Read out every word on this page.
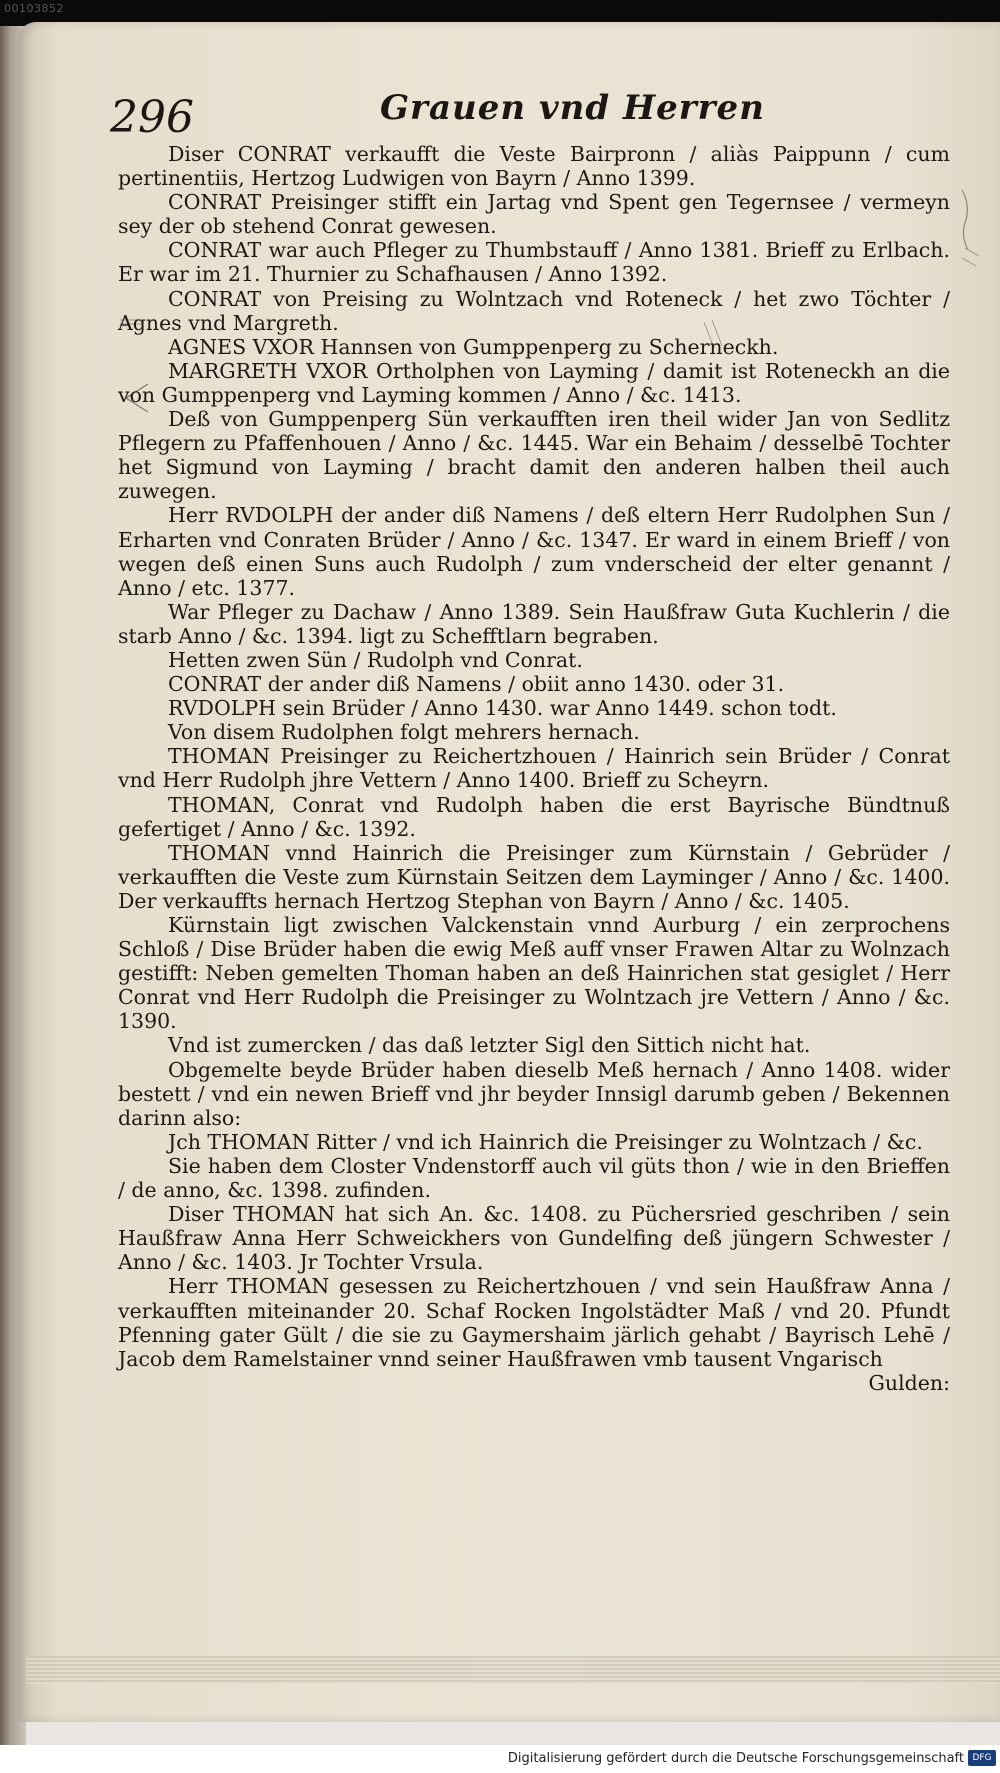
00103852
296	Grauen vnd Herren

Diser CONRAT verkaufft die Veste Bairpronn / aliàs Paippunn / cum pertinentiis, Hertzog Ludwigen von Bayrn / Anno 1399.

CONRAT Preisinger stifft ein Jartag vnd Spent gen Tegernsee / vermeyn sey der ob stehend Conrat gewesen.

CONRAT war auch Pfleger zu Thumbstauff / Anno 1381. Brieff zu Erlbach. Er war im 21. Thurnier zu Schafhausen / Anno 1392.

CONRAT von Preising zu Wolntzach vnd Roteneck / het zwo Töchter / Agnes vnd Margreth.

AGNES VXOR Hannsen von Gumppenperg zu Scherneckh.

MARGRETH VXOR Ortholphen von Layming / damit ist Roteneckh an die von Gumppenperg vnd Layming kommen / Anno / &c. 1413.

Deß von Gumppenperg Sün verkaufften iren theil wider Jan von Sedlitz Pflegern zu Pfaffenhouen / Anno / &c. 1445. War ein Behaim / desselbē Tochter het Sigmund von Layming / bracht damit den anderen halben theil auch zuwegen.

Herr RVDOLPH der ander diß Namens / deß eltern Herr Rudolphen Sun / Erharten vnd Conraten Brüder / Anno / &c. 1347. Er ward in einem Brieff / von wegen deß einen Suns auch Rudolph / zum vnderscheid der elter genannt / Anno / etc. 1377.

War Pfleger zu Dachaw / Anno 1389. Sein Haußfraw Guta Kuchlerin / die starb Anno / &c. 1394. ligt zu Schefftlarn begraben.

Hetten zwen Sün / Rudolph vnd Conrat.

CONRAT der ander diß Namens / obiit anno 1430. oder 31.

RVDOLPH sein Brüder / Anno 1430. war Anno 1449. schon todt.

Von disem Rudolphen folgt mehrers hernach.

THOMAN Preisinger zu Reichertzhouen / Hainrich sein Brüder / Conrat vnd Herr Rudolph jhre Vettern / Anno 1400. Brieff zu Scheyrn.

THOMAN, Conrat vnd Rudolph haben die erst Bayrische Bündtnuß gefertiget / Anno / &c. 1392.

THOMAN vnnd Hainrich die Preisinger zum Kürnstain / Gebrüder / verkaufften die Veste zum Kürnstain Seitzen dem Layminger / Anno / &c. 1400. Der verkauffts hernach Hertzog Stephan von Bayrn / Anno / &c. 1405.

Kürnstain ligt zwischen Valckenstain vnnd Aurburg / ein zerprochens Schloß / Dise Brüder haben die ewig Meß auff vnser Frawen Altar zu Wolnzach gestifft: Neben gemelten Thoman haben an deß Hainrichen stat gesiglet / Herr Conrat vnd Herr Rudolph die Preisinger zu Wolntzach jre Vettern / Anno / &c. 1390.

Vnd ist zumercken / das daß letzter Sigl den Sittich nicht hat.

Obgemelte beyde Brüder haben dieselb Meß hernach / Anno 1408. wider bestett / vnd ein newen Brieff vnd jhr beyder Innsigl darumb geben / Bekennen darinn also:

Jch THOMAN Ritter / vnd ich Hainrich die Preisinger zu Wolntzach / &c.

Sie haben dem Closter Vndenstorff auch vil güts thon / wie in den Brieffen / de anno, &c. 1398. zufinden.

Diser THOMAN hat sich An. &c. 1408. zu Püchersried geschriben / sein Haußfraw Anna Herr Schweickhers von Gundelfing deß jüngern Schwester / Anno / &c. 1403. Jr Tochter Vrsula.

Herr THOMAN gesessen zu Reichertzhouen / vnd sein Haußfraw Anna / verkaufften miteinander 20. Schaf Rocken Ingolstädter Maß / vnd 20. Pfundt Pfenning gater Gült / die sie zu Gaymershaim järlich gehabt / Bayrisch Lehē / Jacob dem Ramelstainer vnnd seiner Haußfrawen vmb tausent Vngarisch

Gulden:

Digitalisierung gefördert durch die Deutsche Forschungsgemeinschaft DFG
